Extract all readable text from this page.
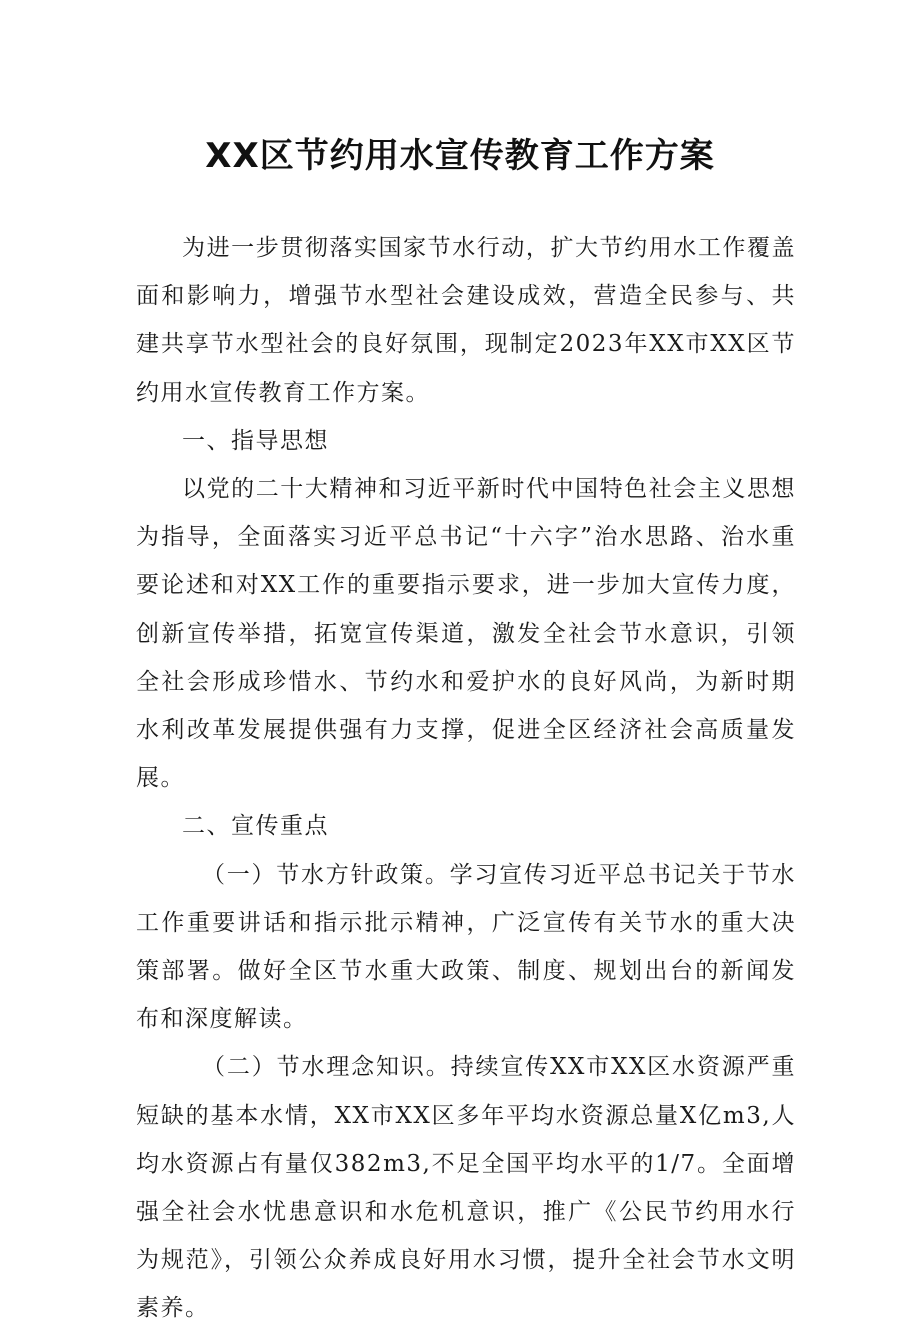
XX区节约用水宣传教育工作方案

为进一步贯彻落实国家节水行动，扩大节约用水工作覆盖面和影响力，增强节水型社会建设成效，营造全民参与、共建共享节水型社会的良好氛围，现制定2023年XX市XX区节约用水宣传教育工作方案。

一、指导思想

以党的二十大精神和习近平新时代中国特色社会主义思想为指导，全面落实习近平总书记“十六字”治水思路、治水重要论述和对XX工作的重要指示要求，进一步加大宣传力度，创新宣传举措，拓宽宣传渠道，激发全社会节水意识，引领全社会形成珍惜水、节约水和爱护水的良好风尚，为新时期水利改革发展提供强有力支撑，促进全区经济社会高质量发展。

二、宣传重点

（一）节水方针政策。学习宣传习近平总书记关于节水工作重要讲话和指示批示精神，广泛宣传有关节水的重大决策部署。做好全区节水重大政策、制度、规划出台的新闻发布和深度解读。

（二）节水理念知识。持续宣传XX市XX区水资源严重短缺的基本水情，XX市XX区多年平均水资源总量X亿m3,人均水资源占有量仅382m3,不足全国平均水平的1/7。全面增强全社会水忧患意识和水危机意识，推广《公民节约用水行为规范》，引领公众养成良好用水习惯，提升全社会节水文明素养。
